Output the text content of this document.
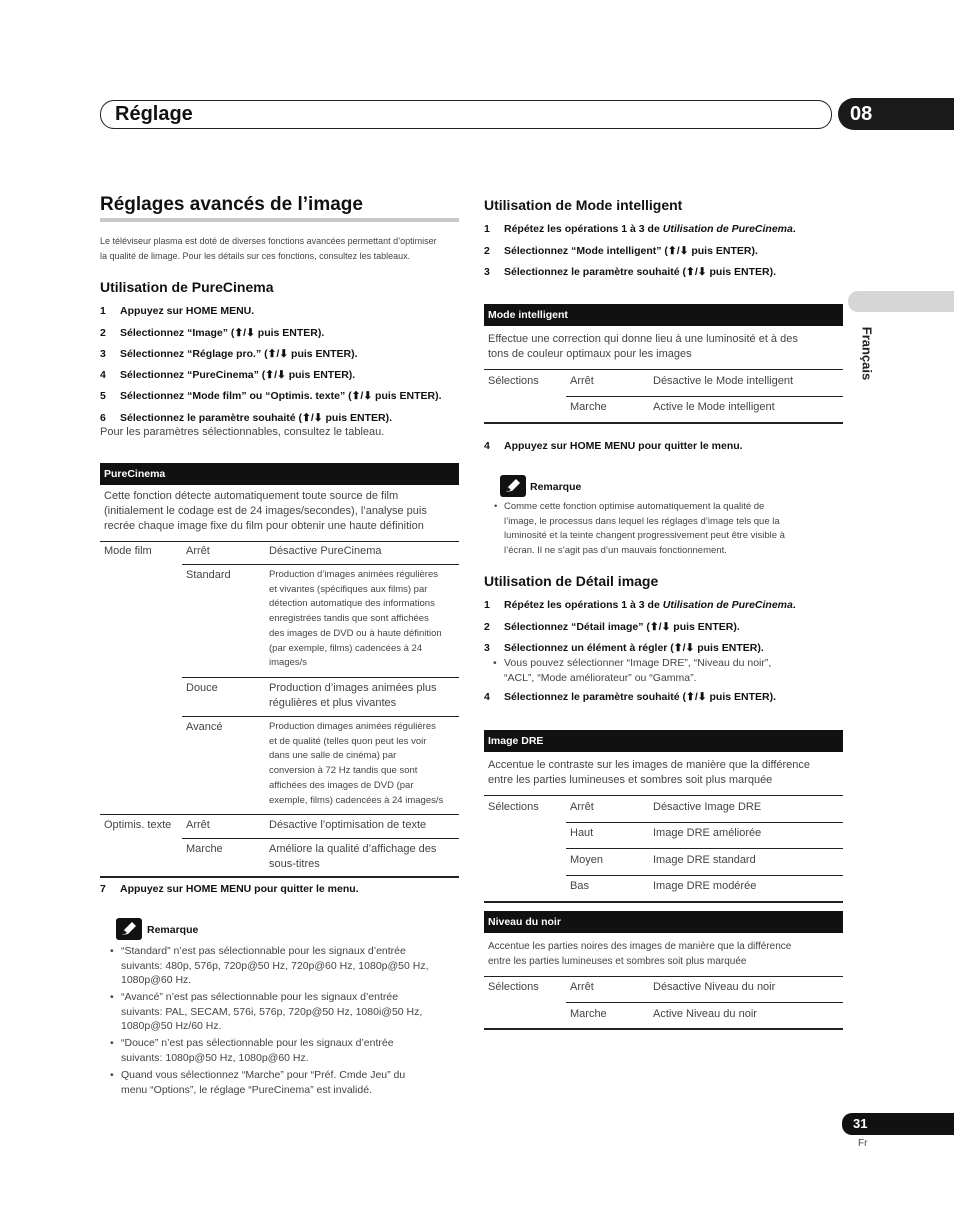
Réglage	08
Français
Réglages avancés de l’image
Le téléviseur plasma est doté de diverses fonctions avancées permettant d’optimiser
la qualité de limage. Pour les détails sur ces fonctions, consultez les tableaux.
Utilisation de PureCinema
1 Appuyez sur HOME MENU.
2 Sélectionnez “Image” (⬆/⬇ puis ENTER).
3 Sélectionnez “Réglage pro.” (⬆/⬇ puis ENTER).
4 Sélectionnez “PureCinema” (⬆/⬇ puis ENTER).
5 Sélectionnez “Mode film” ou “Optimis. texte” (⬆/⬇ puis ENTER).
6 Sélectionnez le paramètre souhaité (⬆/⬇ puis ENTER).
Pour les paramètres sélectionnables, consultez le tableau.
PureCinema
Cette fonction détecte automatiquement toute source de film
(initialement le codage est de 24 images/secondes), l’analyse puis
recrée chaque image fixe du film pour obtenir une haute définition
Mode film	Arrêt	Désactive PureCinema
Standard	Production d’images animées régulières
et vivantes (spécifiques aux films) par
détection automatique des informations
enregistrées tandis que sont affichées
des images de DVD ou à haute définition
(par exemple, films) cadencées à 24
images/s
Douce	Production d’images animées plus
régulières et plus vivantes
Avancé	Production dimages animées régulières
et de qualité (telles quon peut les voir
dans une salle de cinéma) par
conversion à 72 Hz tandis que sont
affichées des images de DVD (par
exemple, films) cadencées à 24 images/s
Optimis. texte Arrêt	Désactive l’optimisation de texte
Marche	Améliore la qualité d’affichage des
sous-titres
7 Appuyez sur HOME MENU pour quitter le menu.
Remarque
• “Standard” n’est pas sélectionnable pour les signaux d’entrée
suivants: 480p, 576p, 720p@50 Hz, 720p@60 Hz, 1080p@50 Hz,
1080p@60 Hz.
• “Avancé” n’est pas sélectionnable pour les signaux d’entrée
suivants: PAL, SECAM, 576i, 576p, 720p@50 Hz, 1080i@50 Hz,
1080p@50 Hz/60 Hz.
• “Douce” n’est pas sélectionnable pour les signaux d’entrée
suivants: 1080p@50 Hz, 1080p@60 Hz.
• Quand vous sélectionnez “Marche” pour “Préf. Cmde Jeu” du
menu “Options”, le réglage “PureCinema” est invalidé.
Utilisation de Mode intelligent
1 Répétez les opérations 1 à 3 de Utilisation de PureCinema.
2 Sélectionnez “Mode intelligent” (⬆/⬇ puis ENTER).
3 Sélectionnez le paramètre souhaité (⬆/⬇ puis ENTER).
Mode intelligent
Effectue une correction qui donne lieu à une luminosité et à des
tons de couleur optimaux pour les images
Sélections	Arrêt	Désactive le Mode intelligent
Marche	Active le Mode intelligent
4 Appuyez sur HOME MENU pour quitter le menu.
Remarque
• Comme cette fonction optimise automatiquement la qualité de
l’image, le processus dans lequel les réglages d’image tels que la
luminosité et la teinte changent progressivement peut être visible à
l’écran. Il ne s’agit pas d’un mauvais fonctionnement.
Utilisation de Détail image
1 Répétez les opérations 1 à 3 de Utilisation de PureCinema.
2 Sélectionnez “Détail image” (⬆/⬇ puis ENTER).
3 Sélectionnez un élément à régler (⬆/⬇ puis ENTER).
• Vous pouvez sélectionner “Image DRE”, “Niveau du noir”,
“ACL”, “Mode améliorateur” ou “Gamma”.
4 Sélectionnez le paramètre souhaité (⬆/⬇ puis ENTER).
Image DRE
Accentue le contraste sur les images de manière que la différence
entre les parties lumineuses et sombres soit plus marquée
Sélections	Arrêt	Désactive Image DRE
Haut	Image DRE améliorée
Moyen	Image DRE standard
Bas	Image DRE modérée
Niveau du noir
Accentue les parties noires des images de manière que la différence
entre les parties lumineuses et sombres soit plus marquée
Sélections	Arrêt	Désactive Niveau du noir
Marche	Active Niveau du noir
31
Fr
